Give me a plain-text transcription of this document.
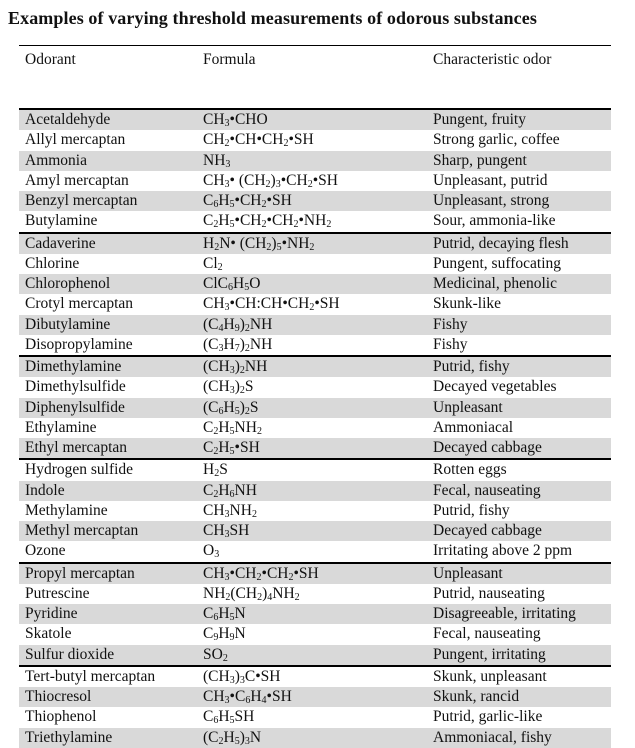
Examples of varying threshold measurements of odorous substances
Odorant	Formula	Characteristic odor
Acetaldehyde	$CH_3•CHO$	Pungent, fruity
Allyl mercaptan	$CH_2•CH•CH_2•SH$	Strong garlic, coffee
Ammonia	$NH_3$	Sharp, pungent
Amyl mercaptan	$CH_3•$ $(CH_2)_3•CH_2•SH$	Unpleasant, putrid
Benzyl mercaptan	$C_6H_5•CH_2•SH$	Unpleasant, strong
Butylamine	$C_2H_5•CH_2•CH_2•NH_2$	Sour, ammonia-like
Cadaverine	$H_2N•$ $(CH_2)_5•NH_2$	Putrid, decaying flesh
Chlorine	$Cl_2$	Pungent, suffocating
Chlorophenol	$ClC_6H_5O$	Medicinal, phenolic
Crotyl mercaptan	$CH_3•CH:CH•CH_2•SH$	Skunk-like
Dibutylamine	$(C_4H_9)_2NH$	Fishy
Disopropylamine	$(C_3H_7)_2NH$	Fishy
Dimethylamine	$(CH_3)_2NH$	Putrid, fishy
Dimethylsulfide	$(CH_3)_2S$	Decayed vegetables
Diphenylsulfide	$(C_6H_5)_2S$	Unpleasant
Ethylamine	$C_2H_5NH_2$	Ammoniacal
Ethyl mercaptan	$C_2H_5•SH$	Decayed cabbage
Hydrogen sulfide	$H_2S$	Rotten eggs
Indole	$C_2H_6NH$	Fecal, nauseating
Methylamine	$CH_3NH_2$	Putrid, fishy
Methyl mercaptan	$CH_3SH$	Decayed cabbage
Ozone	$O_3$	Irritating above 2 ppm
Propyl mercaptan	$CH_3•CH_2•CH_2•SH$	Unpleasant
Putrescine	$NH_2(CH_2)_4NH_2$	Putrid, nauseating
Pyridine	$C_6H_5N$	Disagreeable, irritating
Skatole	$C_9H_9N$	Fecal, nauseating
Sulfur dioxide	$SO_2$	Pungent, irritating
Tert-butyl mercaptan	$(CH_3)_3C•SH$	Skunk, unpleasant
Thiocresol	$CH_3•C_6H_4•SH$	Skunk, rancid
Thiophenol	$C_6H_5SH$	Putrid, garlic-like
Triethylamine	$(C_2H_5)_3N$	Ammoniacal, fishy
